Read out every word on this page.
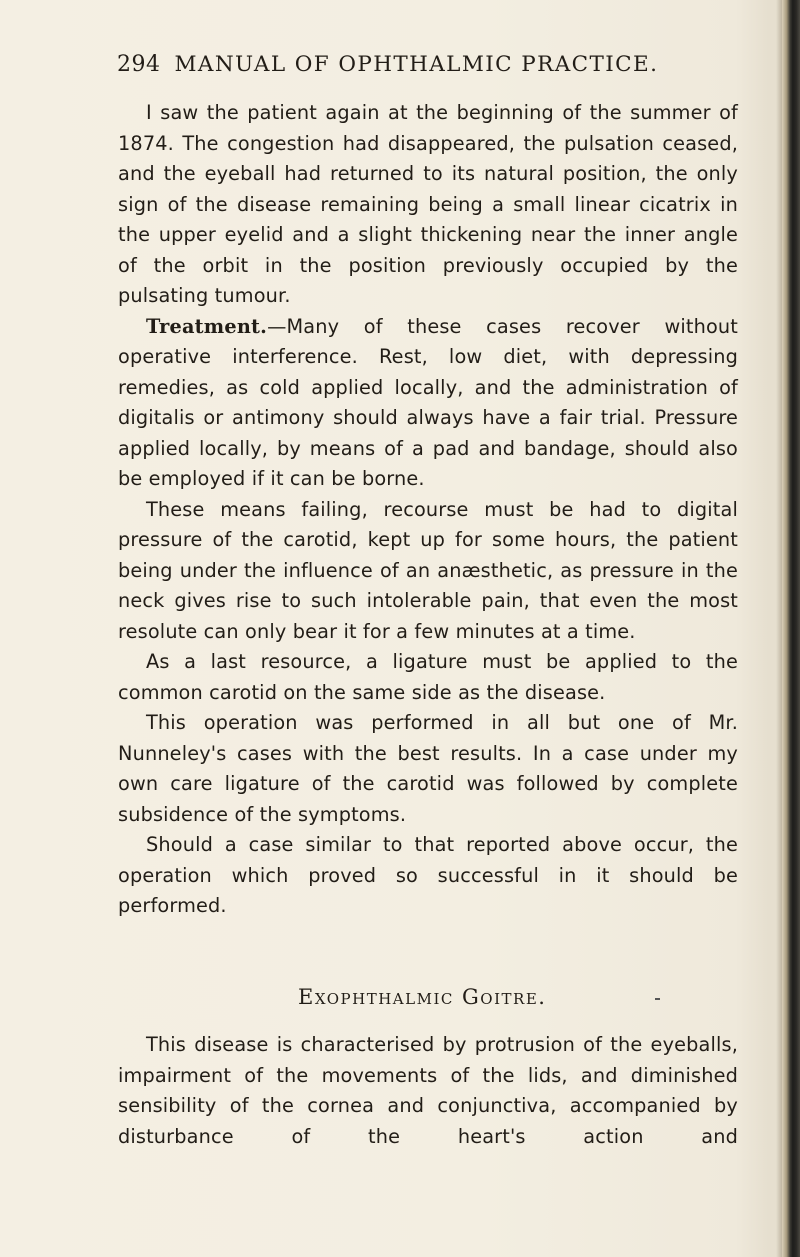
294 MANUAL OF OPHTHALMIC PRACTICE.

I saw the patient again at the beginning of the summer of 1874. The congestion had disappeared, the pulsation ceased, and the eyeball had returned to its natural position, the only sign of the disease remaining being a small linear cicatrix in the upper eyelid and a slight thickening near the inner angle of the orbit in the position previously occupied by the pulsating tumour.

Treatment.—Many of these cases recover without operative interference. Rest, low diet, with depressing remedies, as cold applied locally, and the administration of digitalis or antimony should always have a fair trial. Pressure applied locally, by means of a pad and bandage, should also be employed if it can be borne.

These means failing, recourse must be had to digital pressure of the carotid, kept up for some hours, the patient being under the influence of an anæsthetic, as pressure in the neck gives rise to such intolerable pain, that even the most resolute can only bear it for a few minutes at a time.

As a last resource, a ligature must be applied to the common carotid on the same side as the disease.

This operation was performed in all but one of Mr. Nunneley's cases with the best results. In a case under my own care ligature of the carotid was followed by complete subsidence of the symptoms.

Should a case similar to that reported above occur, the operation which proved so successful in it should be performed.

Exophthalmic Goitre.

This disease is characterised by protrusion of the eyeballs, impairment of the movements of the lids, and diminished sensibility of the cornea and conjunctiva, accompanied by disturbance of the heart's action and
